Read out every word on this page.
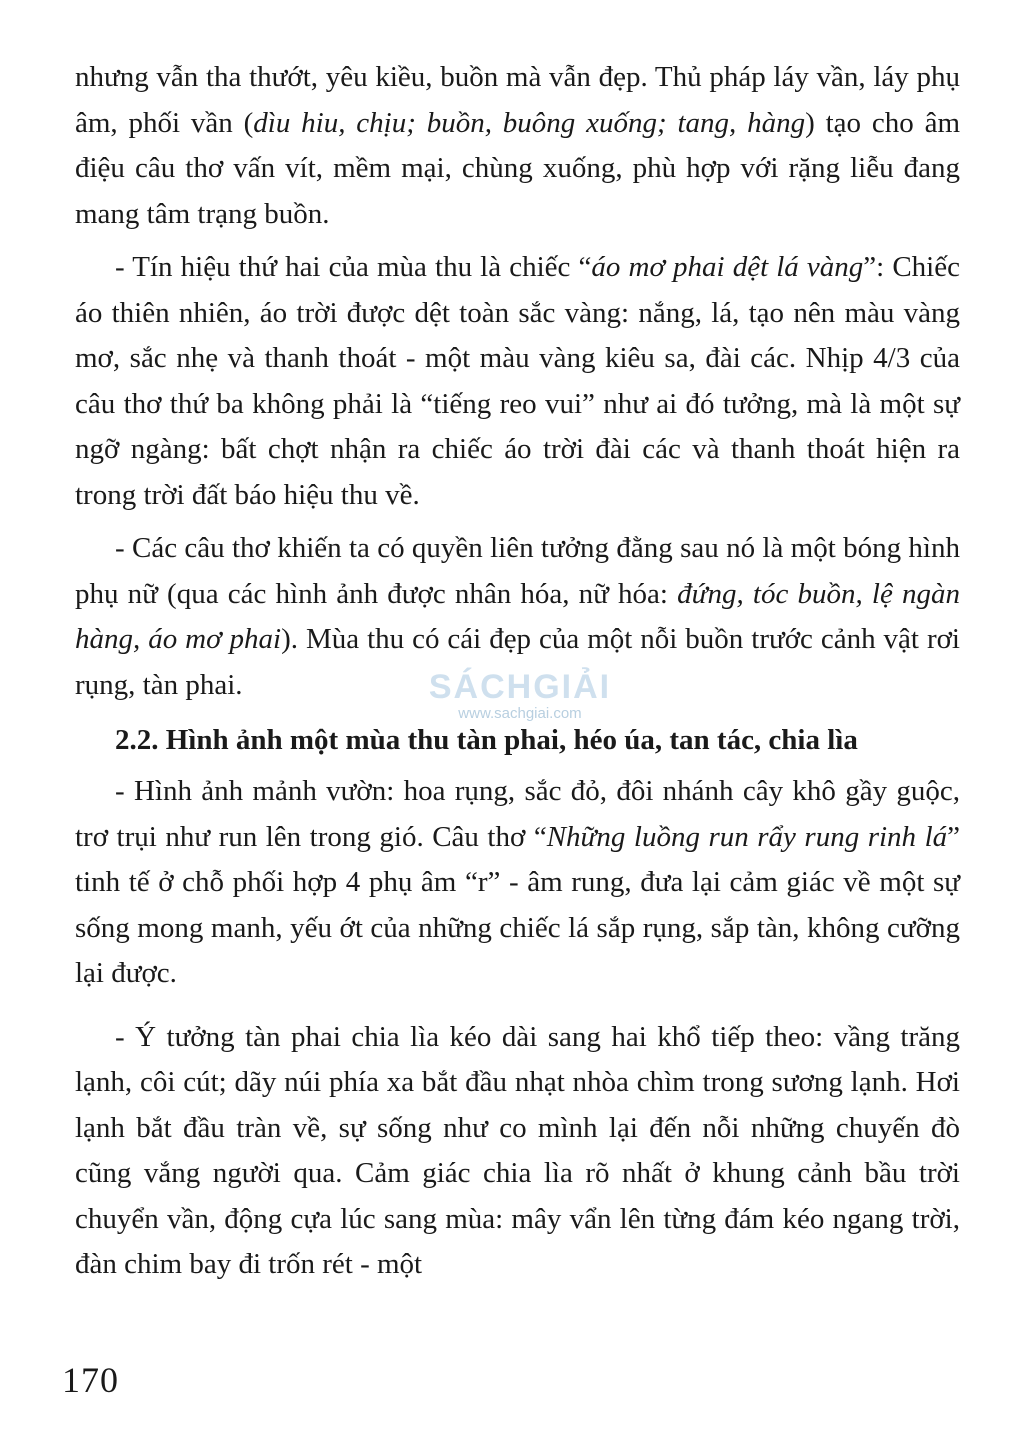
nhưng vẫn tha thướt, yêu kiều, buồn mà vẫn đẹp. Thủ pháp láy vần, láy phụ âm, phối vần (dìu hiu, chịu; buồn, buông xuống; tang, hàng) tạo cho âm điệu câu thơ vấn vít, mềm mại, chùng xuống, phù hợp với rặng liễu đang mang tâm trạng buồn.

- Tín hiệu thứ hai của mùa thu là chiếc “áo mơ phai dệt lá vàng”: Chiếc áo thiên nhiên, áo trời được dệt toàn sắc vàng: nắng, lá, tạo nên màu vàng mơ, sắc nhẹ và thanh thoát - một màu vàng kiêu sa, đài các. Nhịp 4/3 của câu thơ thứ ba không phải là “tiếng reo vui” như ai đó tưởng, mà là một sự ngỡ ngàng: bất chợt nhận ra chiếc áo trời đài các và thanh thoát hiện ra trong trời đất báo hiệu thu về.

- Các câu thơ khiến ta có quyền liên tưởng đằng sau nó là một bóng hình phụ nữ (qua các hình ảnh được nhân hóa, nữ hóa: đứng, tóc buồn, lệ ngàn hàng, áo mơ phai). Mùa thu có cái đẹp của một nỗi buồn trước cảnh vật rơi rụng, tàn phai.

2.2. Hình ảnh một mùa thu tàn phai, héo úa, tan tác, chia lìa

- Hình ảnh mảnh vườn: hoa rụng, sắc đỏ, đôi nhánh cây khô gầy guộc, trơ trụi như run lên trong gió. Câu thơ “Những luồng run rẩy rung rinh lá” tinh tế ở chỗ phối hợp 4 phụ âm “r” - âm rung, đưa lại cảm giác về một sự sống mong manh, yếu ớt của những chiếc lá sắp rụng, sắp tàn, không cưỡng lại được.

- Ý tưởng tàn phai chia lìa kéo dài sang hai khổ tiếp theo: vầng trăng lạnh, côi cút; dãy núi phía xa bắt đầu nhạt nhòa chìm trong sương lạnh. Hơi lạnh bắt đầu tràn về, sự sống như co mình lại đến nỗi những chuyến đò cũng vắng người qua. Cảm giác chia lìa rõ nhất ở khung cảnh bầu trời chuyển vần, động cựa lúc sang mùa: mây vẩn lên từng đám kéo ngang trời, đàn chim bay đi trốn rét - một

SÁCHGIẢI
www.sachgiai.com
170
